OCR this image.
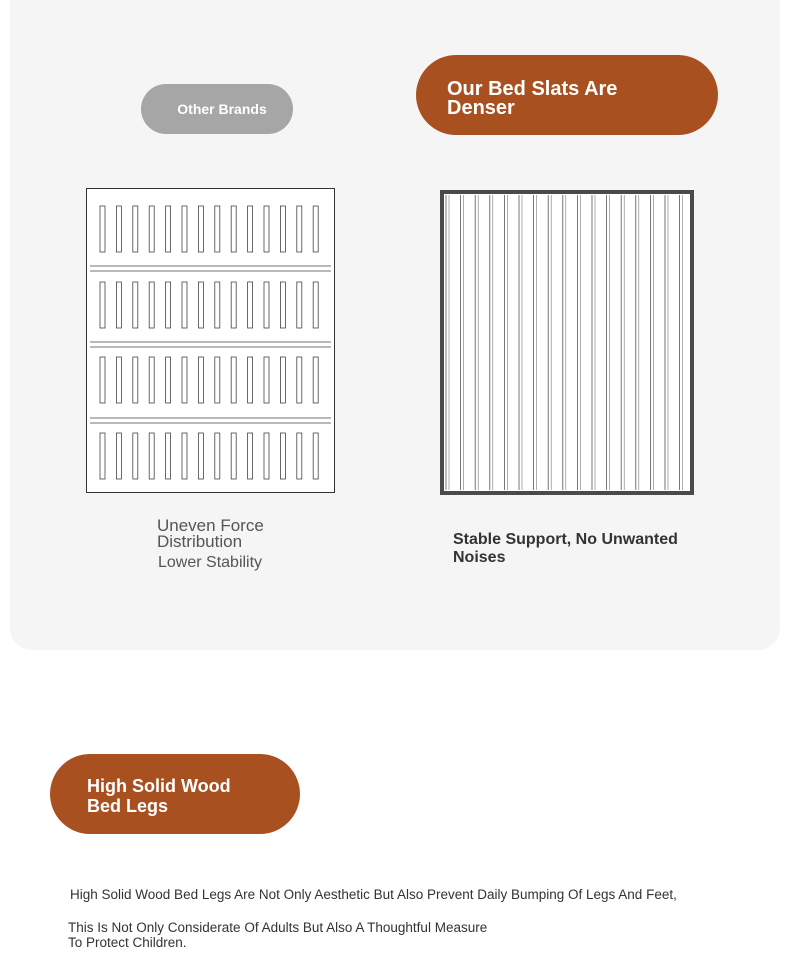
Other Brands
Our Bed Slats Are
Denser
Uneven Force
Distribution
Lower Stability
Stable Support, No Unwanted
Noises
High Solid Wood
Bed Legs
High Solid Wood Bed Legs Are Not Only Aesthetic But Also Prevent Daily Bumping Of Legs And Feet,
This Is Not Only Considerate Of Adults But Also A Thoughtful Measure
To Protect Children.
